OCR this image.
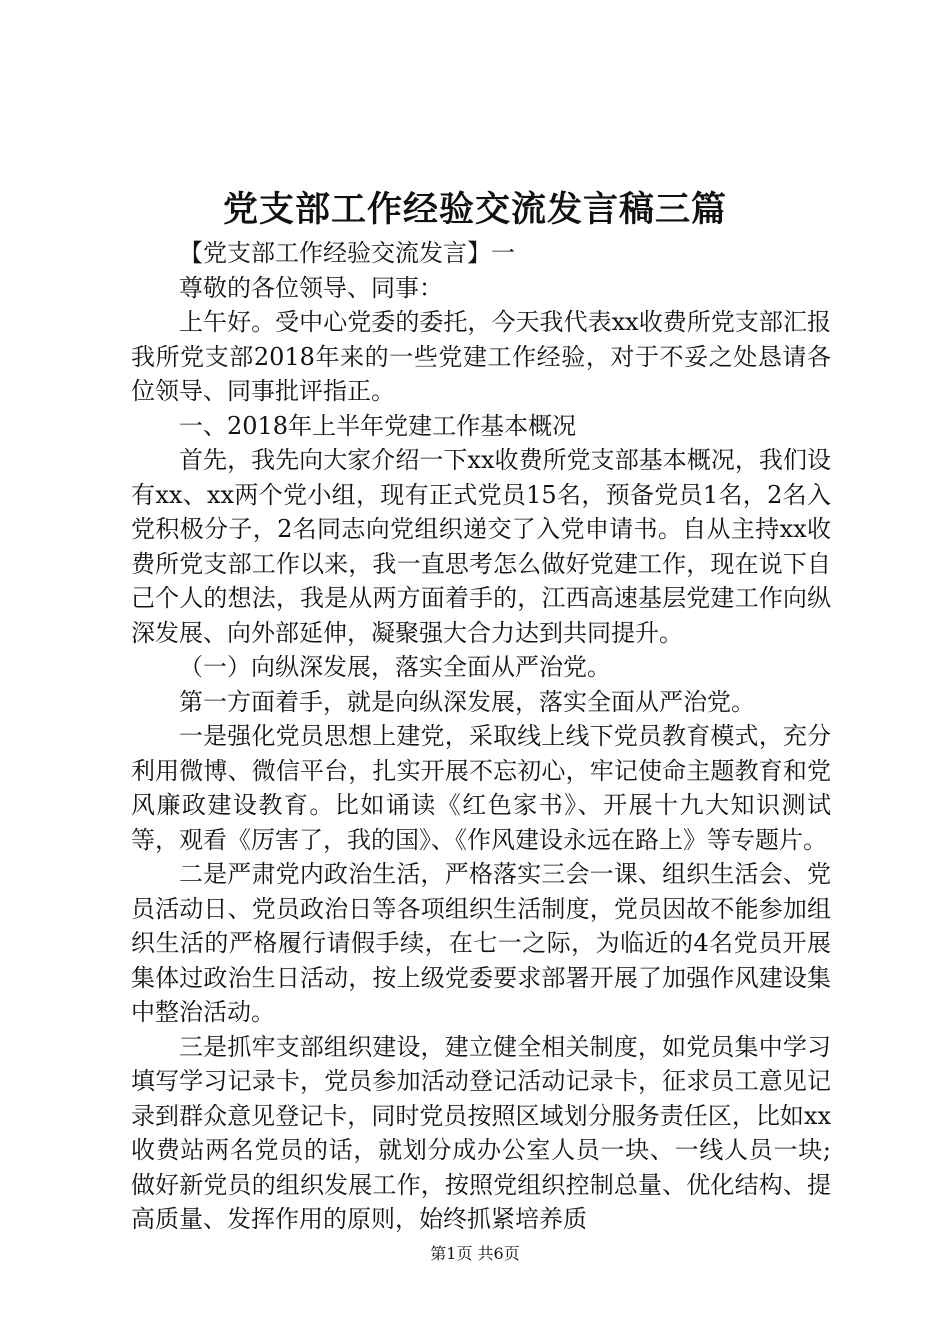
党支部工作经验交流发言稿三篇

【党支部工作经验交流发言】一

尊敬的各位领导、同事：

上午好。受中心党委的委托，今天我代表xx收费所党支部汇报我所党支部2018年来的一些党建工作经验，对于不妥之处恳请各位领导、同事批评指正。

一、2018年上半年党建工作基本概况

首先，我先向大家介绍一下xx收费所党支部基本概况，我们设有xx、xx两个党小组，现有正式党员15名，预备党员1名，2名入党积极分子，2名同志向党组织递交了入党申请书。自从主持xx收费所党支部工作以来，我一直思考怎么做好党建工作，现在说下自己个人的想法，我是从两方面着手的，江西高速基层党建工作向纵深发展、向外部延伸，凝聚强大合力达到共同提升。

（一）向纵深发展，落实全面从严治党。

第一方面着手，就是向纵深发展，落实全面从严治党。

一是强化党员思想上建党，采取线上线下党员教育模式，充分利用微博、微信平台，扎实开展不忘初心，牢记使命主题教育和党风廉政建设教育。比如诵读《红色家书》、开展十九大知识测试等，观看《厉害了，我的国》、《作风建设永远在路上》等专题片。

二是严肃党内政治生活，严格落实三会一课、组织生活会、党员活动日、党员政治日等各项组织生活制度，党员因故不能参加组织生活的严格履行请假手续，在七一之际，为临近的4名党员开展集体过政治生日活动，按上级党委要求部署开展了加强作风建设集中整治活动。

三是抓牢支部组织建设，建立健全相关制度，如党员集中学习填写学习记录卡，党员参加活动登记活动记录卡，征求员工意见记录到群众意见登记卡，同时党员按照区域划分服务责任区，比如xx收费站两名党员的话，就划分成办公室人员一块、一线人员一块;做好新党员的组织发展工作，按照党组织控制总量、优化结构、提高质量、发挥作用的原则，始终抓紧培养质

第1页 共6页
